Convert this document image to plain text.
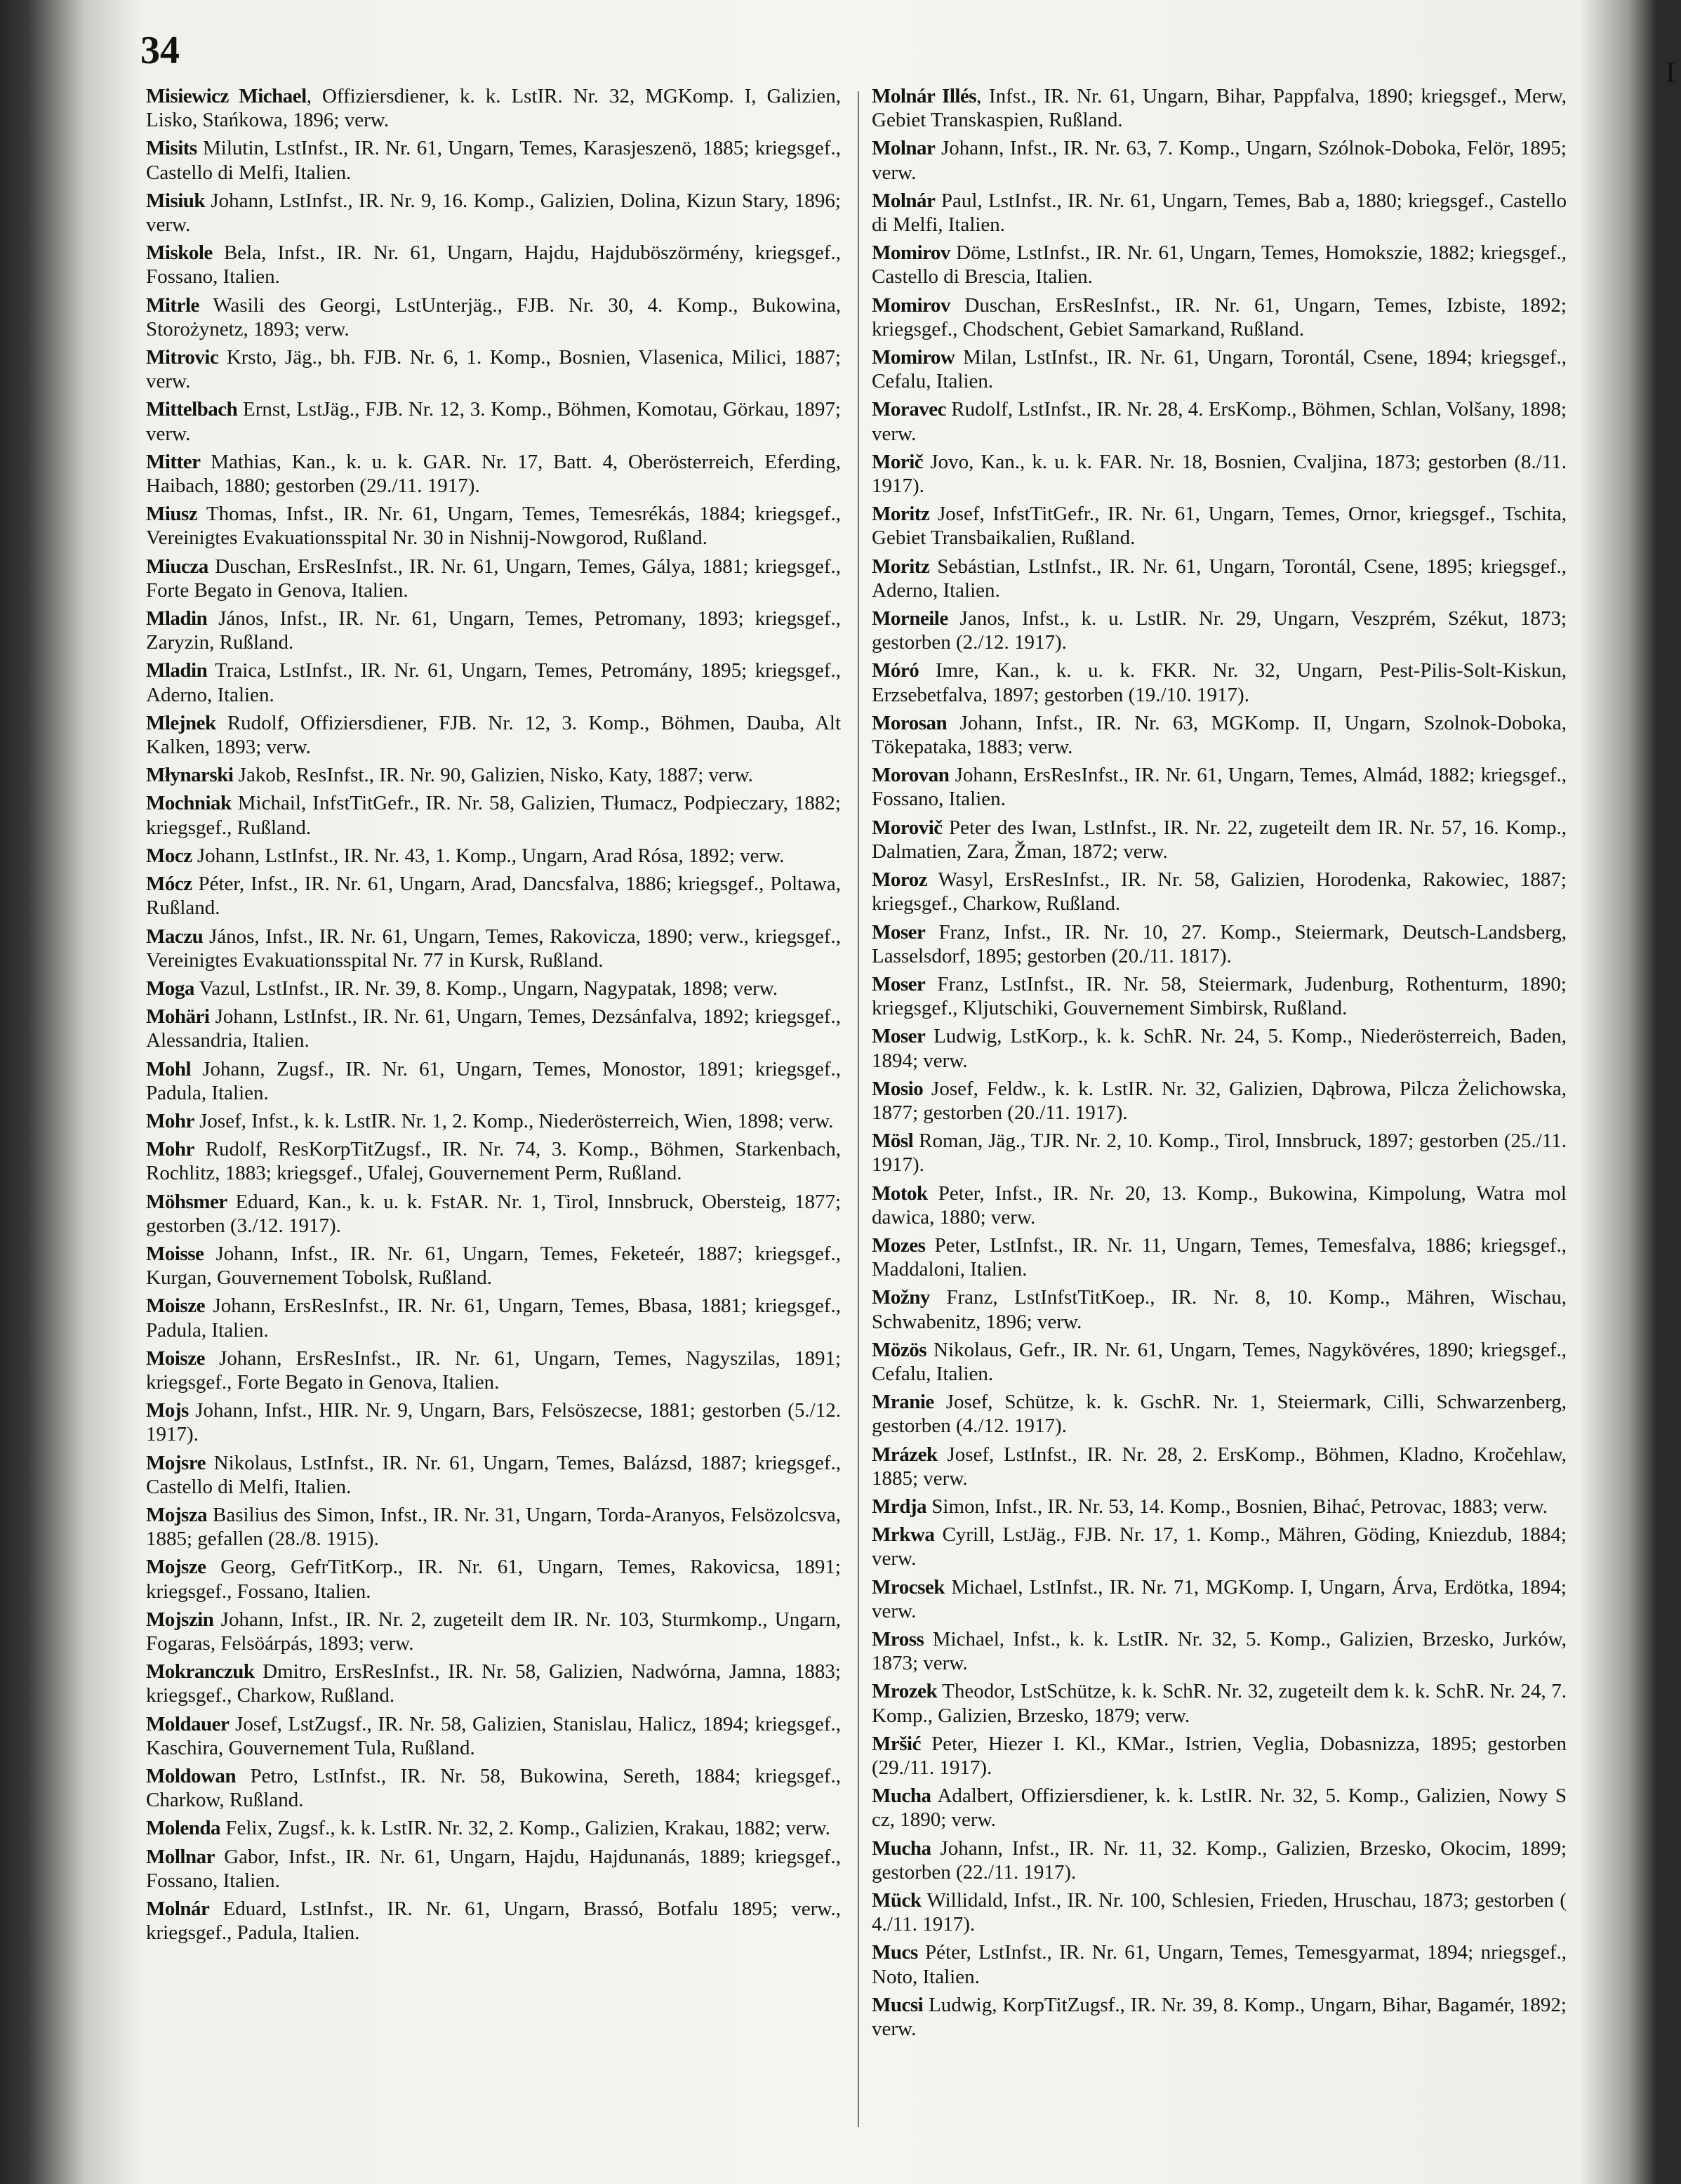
34
I

Misiewicz Michael, Offiziersdiener, k. k. LstIR. Nr. 32, MGKomp. I, Galizien, Lisko, Stańkowa, 1896; verw.

Misits Milutin, LstInfst., IR. Nr. 61, Ungarn, Temes, Karasjeszenö, 1885; kriegsgef., Castello di Melfi, Italien.

Misiuk Johann, LstInfst., IR. Nr. 9, 16. Komp., Galizien, Dolina, Kizun Stary, 1896; verw.

Miskole Bela, Infst., IR. Nr. 61, Ungarn, Hajdu, Hajduböszörmény, kriegsgef., Fossano, Italien.

Mitrle Wasili des Georgi, LstUnterjäg., FJB. Nr. 30, 4. Komp., Bukowina, Storożynetz, 1893; verw.

Mitrovic Krsto, Jäg., bh. FJB. Nr. 6, 1. Komp., Bosnien, Vlasenica, Milici, 1887; verw.

Mittelbach Ernst, LstJäg., FJB. Nr. 12, 3. Komp., Böhmen, Komotau, Görkau, 1897; verw.

Mitter Mathias, Kan., k. u. k. GAR. Nr. 17, Batt. 4, Oberösterreich, Eferding, Haibach, 1880; gestorben (29./11. 1917).

Miusz Thomas, Infst., IR. Nr. 61, Ungarn, Temes, Temesrékás, 1884; kriegsgef., Vereinigtes Evakuationsspital Nr. 30 in Nishnij-Nowgorod, Rußland.

Miucza Duschan, ErsResInfst., IR. Nr. 61, Ungarn, Temes, Gálya, 1881; kriegsgef., Forte Begato in Genova, Italien.

Mladin János, Infst., IR. Nr. 61, Ungarn, Temes, Petromany, 1893; kriegsgef., Zaryzin, Rußland.

Mladin Traica, LstInfst., IR. Nr. 61, Ungarn, Temes, Petromány, 1895; kriegsgef., Aderno, Italien.

Mlejnek Rudolf, Offiziersdiener, FJB. Nr. 12, 3. Komp., Böhmen, Dauba, Alt Kalken, 1893; verw.

Młynarski Jakob, ResInfst., IR. Nr. 90, Galizien, Nisko, Katy, 1887; verw.

Mochniak Michail, InfstTitGefr., IR. Nr. 58, Galizien, Tłumacz, Podpieczary, 1882; kriegsgef., Rußland.

Mocz Johann, LstInfst., IR. Nr. 43, 1. Komp., Ungarn, Arad Rósa, 1892; verw.

Mócz Péter, Infst., IR. Nr. 61, Ungarn, Arad, Dancsfalva, 1886; kriegsgef., Poltawa, Rußland.

Maczu János, Infst., IR. Nr. 61, Ungarn, Temes, Rakovicza, 1890; verw., kriegsgef., Vereinigtes Evakuationsspital Nr. 77 in Kursk, Rußland.

Moga Vazul, LstInfst., IR. Nr. 39, 8. Komp., Ungarn, Nagypatak, 1898; verw.

Mohäri Johann, LstInfst., IR. Nr. 61, Ungarn, Temes, Dezsánfalva, 1892; kriegsgef., Alessandria, Italien.

Mohl Johann, Zugsf., IR. Nr. 61, Ungarn, Temes, Monostor, 1891; kriegsgef., Padula, Italien.

Mohr Josef, Infst., k. k. LstIR. Nr. 1, 2. Komp., Niederösterreich, Wien, 1898; verw.

Mohr Rudolf, ResKorpTitZugsf., IR. Nr. 74, 3. Komp., Böhmen, Starkenbach, Rochlitz, 1883; kriegsgef., Ufalej, Gouvernement Perm, Rußland.

Möhsmer Eduard, Kan., k. u. k. FstAR. Nr. 1, Tirol, Innsbruck, Obersteig, 1877; gestorben (3./12. 1917).

Moisse Johann, Infst., IR. Nr. 61, Ungarn, Temes, Feketeér, 1887; kriegsgef., Kurgan, Gouvernement Tobolsk, Rußland.

Moisze Johann, ErsResInfst., IR. Nr. 61, Ungarn, Temes, Bbasa, 1881; kriegsgef., Padula, Italien.

Moisze Johann, ErsResInfst., IR. Nr. 61, Ungarn, Temes, Nagyszilas, 1891; kriegsgef., Forte Begato in Genova, Italien.

Mojs Johann, Infst., HIR. Nr. 9, Ungarn, Bars, Felsöszecse, 1881; gestorben (5./12. 1917).

Mojsre Nikolaus, LstInfst., IR. Nr. 61, Ungarn, Temes, Balázsd, 1887; kriegsgef., Castello di Melfi, Italien.

Mojsza Basilius des Simon, Infst., IR. Nr. 31, Ungarn, Torda-Aranyos, Felsözolcsva, 1885; gefallen (28./8. 1915).

Mojsze Georg, GefrTitKorp., IR. Nr. 61, Ungarn, Temes, Rakovicsa, 1891; kriegsgef., Fossano, Italien.

Mojszin Johann, Infst., IR. Nr. 2, zugeteilt dem IR. Nr. 103, Sturmkomp., Ungarn, Fogaras, Felsöárpás, 1893; verw.

Mokranczuk Dmitro, ErsResInfst., IR. Nr. 58, Galizien, Nadwórna, Jamna, 1883; kriegsgef., Charkow, Rußland.

Moldauer Josef, LstZugsf., IR. Nr. 58, Galizien, Stanislau, Halicz, 1894; kriegsgef., Kaschira, Gouvernement Tula, Rußland.

Moldowan Petro, LstInfst., IR. Nr. 58, Bukowina, Sereth, 1884; kriegsgef., Charkow, Rußland.

Molenda Felix, Zugsf., k. k. LstIR. Nr. 32, 2. Komp., Galizien, Krakau, 1882; verw.

Mollnar Gabor, Infst., IR. Nr. 61, Ungarn, Hajdu, Hajdunanás, 1889; kriegsgef., Fossano, Italien.

Molnár Eduard, LstInfst., IR. Nr. 61, Ungarn, Brassó, Botfalu 1895; verw., kriegsgef., Padula, Italien.

Molnár Illés, Infst., IR. Nr. 61, Ungarn, Bihar, Pappfalva, 1890; kriegsgef., Merw, Gebiet Transkaspien, Rußland.

Molnar Johann, Infst., IR. Nr. 63, 7. Komp., Ungarn, Szólnok-Doboka, Felör, 1895; verw.

Molnár Paul, LstInfst., IR. Nr. 61, Ungarn, Temes, Bab a, 1880; kriegsgef., Castello di Melfi, Italien.

Momirov Döme, LstInfst., IR. Nr. 61, Ungarn, Temes, Homokszie, 1882; kriegsgef., Castello di Brescia, Italien.

Momirov Duschan, ErsResInfst., IR. Nr. 61, Ungarn, Temes, Izbiste, 1892; kriegsgef., Chodschent, Gebiet Samarkand, Rußland.

Momirow Milan, LstInfst., IR. Nr. 61, Ungarn, Torontál, Csene, 1894; kriegsgef., Cefalu, Italien.

Moravec Rudolf, LstInfst., IR. Nr. 28, 4. ErsKomp., Böhmen, Schlan, Volšany, 1898; verw.

Morič Jovo, Kan., k. u. k. FAR. Nr. 18, Bosnien, Cvaljina, 1873; gestorben (8./11. 1917).

Moritz Josef, InfstTitGefr., IR. Nr. 61, Ungarn, Temes, Ornor, kriegsgef., Tschita, Gebiet Transbaikalien, Rußland.

Moritz Sebástian, LstInfst., IR. Nr. 61, Ungarn, Torontál, Csene, 1895; kriegsgef., Aderno, Italien.

Morneile Janos, Infst., k. u. LstIR. Nr. 29, Ungarn, Veszprém, Székut, 1873; gestorben (2./12. 1917).

Móró Imre, Kan., k. u. k. FKR. Nr. 32, Ungarn, Pest-Pilis-Solt-Kiskun, Erzsebetfalva, 1897; gestorben (19./10. 1917).

Morosan Johann, Infst., IR. Nr. 63, MGKomp. II, Ungarn, Szolnok-Doboka, Tökepataka, 1883; verw.

Morovan Johann, ErsResInfst., IR. Nr. 61, Ungarn, Temes, Almád, 1882; kriegsgef., Fossano, Italien.

Morovič Peter des Iwan, LstInfst., IR. Nr. 22, zugeteilt dem IR. Nr. 57, 16. Komp., Dalmatien, Zara, Žman, 1872; verw.

Moroz Wasyl, ErsResInfst., IR. Nr. 58, Galizien, Horodenka, Rakowiec, 1887; kriegsgef., Charkow, Rußland.

Moser Franz, Infst., IR. Nr. 10, 27. Komp., Steiermark, Deutsch-Landsberg, Lasselsdorf, 1895; gestorben (20./11. 1817).

Moser Franz, LstInfst., IR. Nr. 58, Steiermark, Judenburg, Rothenturm, 1890; kriegsgef., Kljutschiki, Gouvernement Simbirsk, Rußland.

Moser Ludwig, LstKorp., k. k. SchR. Nr. 24, 5. Komp., Niederösterreich, Baden, 1894; verw.

Mosio Josef, Feldw., k. k. LstIR. Nr. 32, Galizien, Dąbrowa, Pilcza Żelichowska, 1877; gestorben (20./11. 1917).

Mösl Roman, Jäg., TJR. Nr. 2, 10. Komp., Tirol, Innsbruck, 1897; gestorben (25./11. 1917).

Motok Peter, Infst., IR. Nr. 20, 13. Komp., Bukowina, Kimpolung, Watra mol dawica, 1880; verw.

Mozes Peter, LstInfst., IR. Nr. 11, Ungarn, Temes, Temesfalva, 1886; kriegsgef., Maddaloni, Italien.

Možny Franz, LstInfstTitKoep., IR. Nr. 8, 10. Komp., Mähren, Wischau, Schwabenitz, 1896; verw.

Mözös Nikolaus, Gefr., IR. Nr. 61, Ungarn, Temes, Nagykövéres, 1890; kriegsgef., Cefalu, Italien.

Mranie Josef, Schütze, k. k. GschR. Nr. 1, Steiermark, Cilli, Schwarzenberg, gestorben (4./12. 1917).

Mrázek Josef, LstInfst., IR. Nr. 28, 2. ErsKomp., Böhmen, Kladno, Kročehlaw, 1885; verw.

Mrdja Simon, Infst., IR. Nr. 53, 14. Komp., Bosnien, Bihać, Petrovac, 1883; verw.

Mrkwa Cyrill, LstJäg., FJB. Nr. 17, 1. Komp., Mähren, Göding, Kniezdub, 1884; verw.

Mrocsek Michael, LstInfst., IR. Nr. 71, MGKomp. I, Ungarn, Árva, Erdötka, 1894; verw.

Mross Michael, Infst., k. k. LstIR. Nr. 32, 5. Komp., Galizien, Brzesko, Jurków, 1873; verw.

Mrozek Theodor, LstSchütze, k. k. SchR. Nr. 32, zugeteilt dem k. k. SchR. Nr. 24, 7. Komp., Galizien, Brzesko, 1879; verw.

Mršić Peter, Hiezer I. Kl., KMar., Istrien, Veglia, Dobasnizza, 1895; gestorben (29./11. 1917).

Mucha Adalbert, Offiziersdiener, k. k. LstIR. Nr. 32, 5. Komp., Galizien, Nowy S cz, 1890; verw.

Mucha Johann, Infst., IR. Nr. 11, 32. Komp., Galizien, Brzesko, Okocim, 1899; gestorben (22./11. 1917).

Mück Willidald, Infst., IR. Nr. 100, Schlesien, Frieden, Hruschau, 1873; gestorben ( 4./11. 1917).

Mucs Péter, LstInfst., IR. Nr. 61, Ungarn, Temes, Temesgyarmat, 1894; nriegsgef., Noto, Italien.

Mucsi Ludwig, KorpTitZugsf., IR. Nr. 39, 8. Komp., Ungarn, Bihar, Bagamér, 1892; verw.
